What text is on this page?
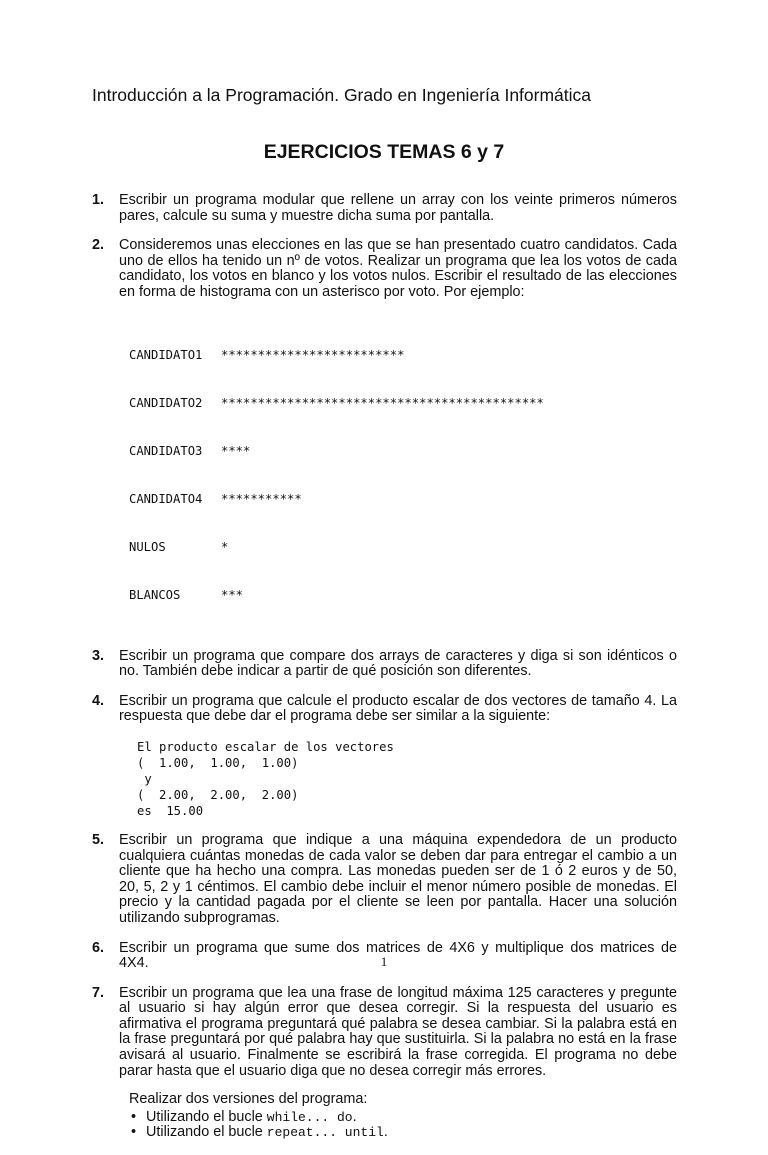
Introducción a la Programación. Grado en Ingeniería Informática
EJERCICIOS TEMAS 6 y 7
1.	Escribir un programa modular que rellene un array con los veinte primeros números pares, calcule su suma y muestre dicha suma por pantalla.
2.	Consideremos unas elecciones en las que se han presentado cuatro candidatos. Cada uno de ellos ha tenido un nº de votos. Realizar un programa que lea los votos de cada candidato, los votos en blanco y los votos nulos. Escribir el resultado de las elecciones en forma de histograma con un asterisco por voto. Por ejemplo:

CANDIDATO1	*************************

CANDIDATO2	********************************************

CANDIDATO3	****

CANDIDATO4	***********

NULOS	*

BLANCOS	***

3.	Escribir un programa que compare dos arrays de caracteres y diga si son idénticos o no. También debe indicar a partir de qué posición son diferentes.
4.	Escribir un programa que calcule el producto escalar de dos vectores de tamaño 4. La respuesta que debe dar el programa debe ser similar a la siguiente:
El producto escalar de los vectores
(  1.00,  1.00,  1.00)
y
(  2.00,  2.00,  2.00)
es  15.00
5.	Escribir un programa que indique a una máquina expendedora de un producto cualquiera cuántas monedas de cada valor se deben dar para entregar el cambio a un cliente que ha hecho una compra. Las monedas pueden ser de 1 ó 2 euros y de 50, 20, 5, 2 y 1 céntimos. El cambio debe incluir el menor número posible de monedas. El precio y la cantidad pagada por el cliente se leen por pantalla. Hacer una solución utilizando subprogramas.
6.	Escribir un programa que sume dos matrices de 4X6 y multiplique dos matrices de 4X4.
7.	Escribir un programa que lea una frase de longitud máxima 125 caracteres y pregunte al usuario si hay algún error que desea corregir. Si la respuesta del usuario es afirmativa el programa preguntará qué palabra se desea cambiar. Si la palabra está en la frase preguntará por qué palabra hay que sustituirla. Si la palabra no está en la frase avisará al usuario. Finalmente se escribirá la frase corregida. El programa no debe parar hasta que el usuario diga que no desea corregir más errores.
Realizar dos versiones del programa:
• Utilizando el bucle while... do.
• Utilizando el bucle repeat... until.
1
